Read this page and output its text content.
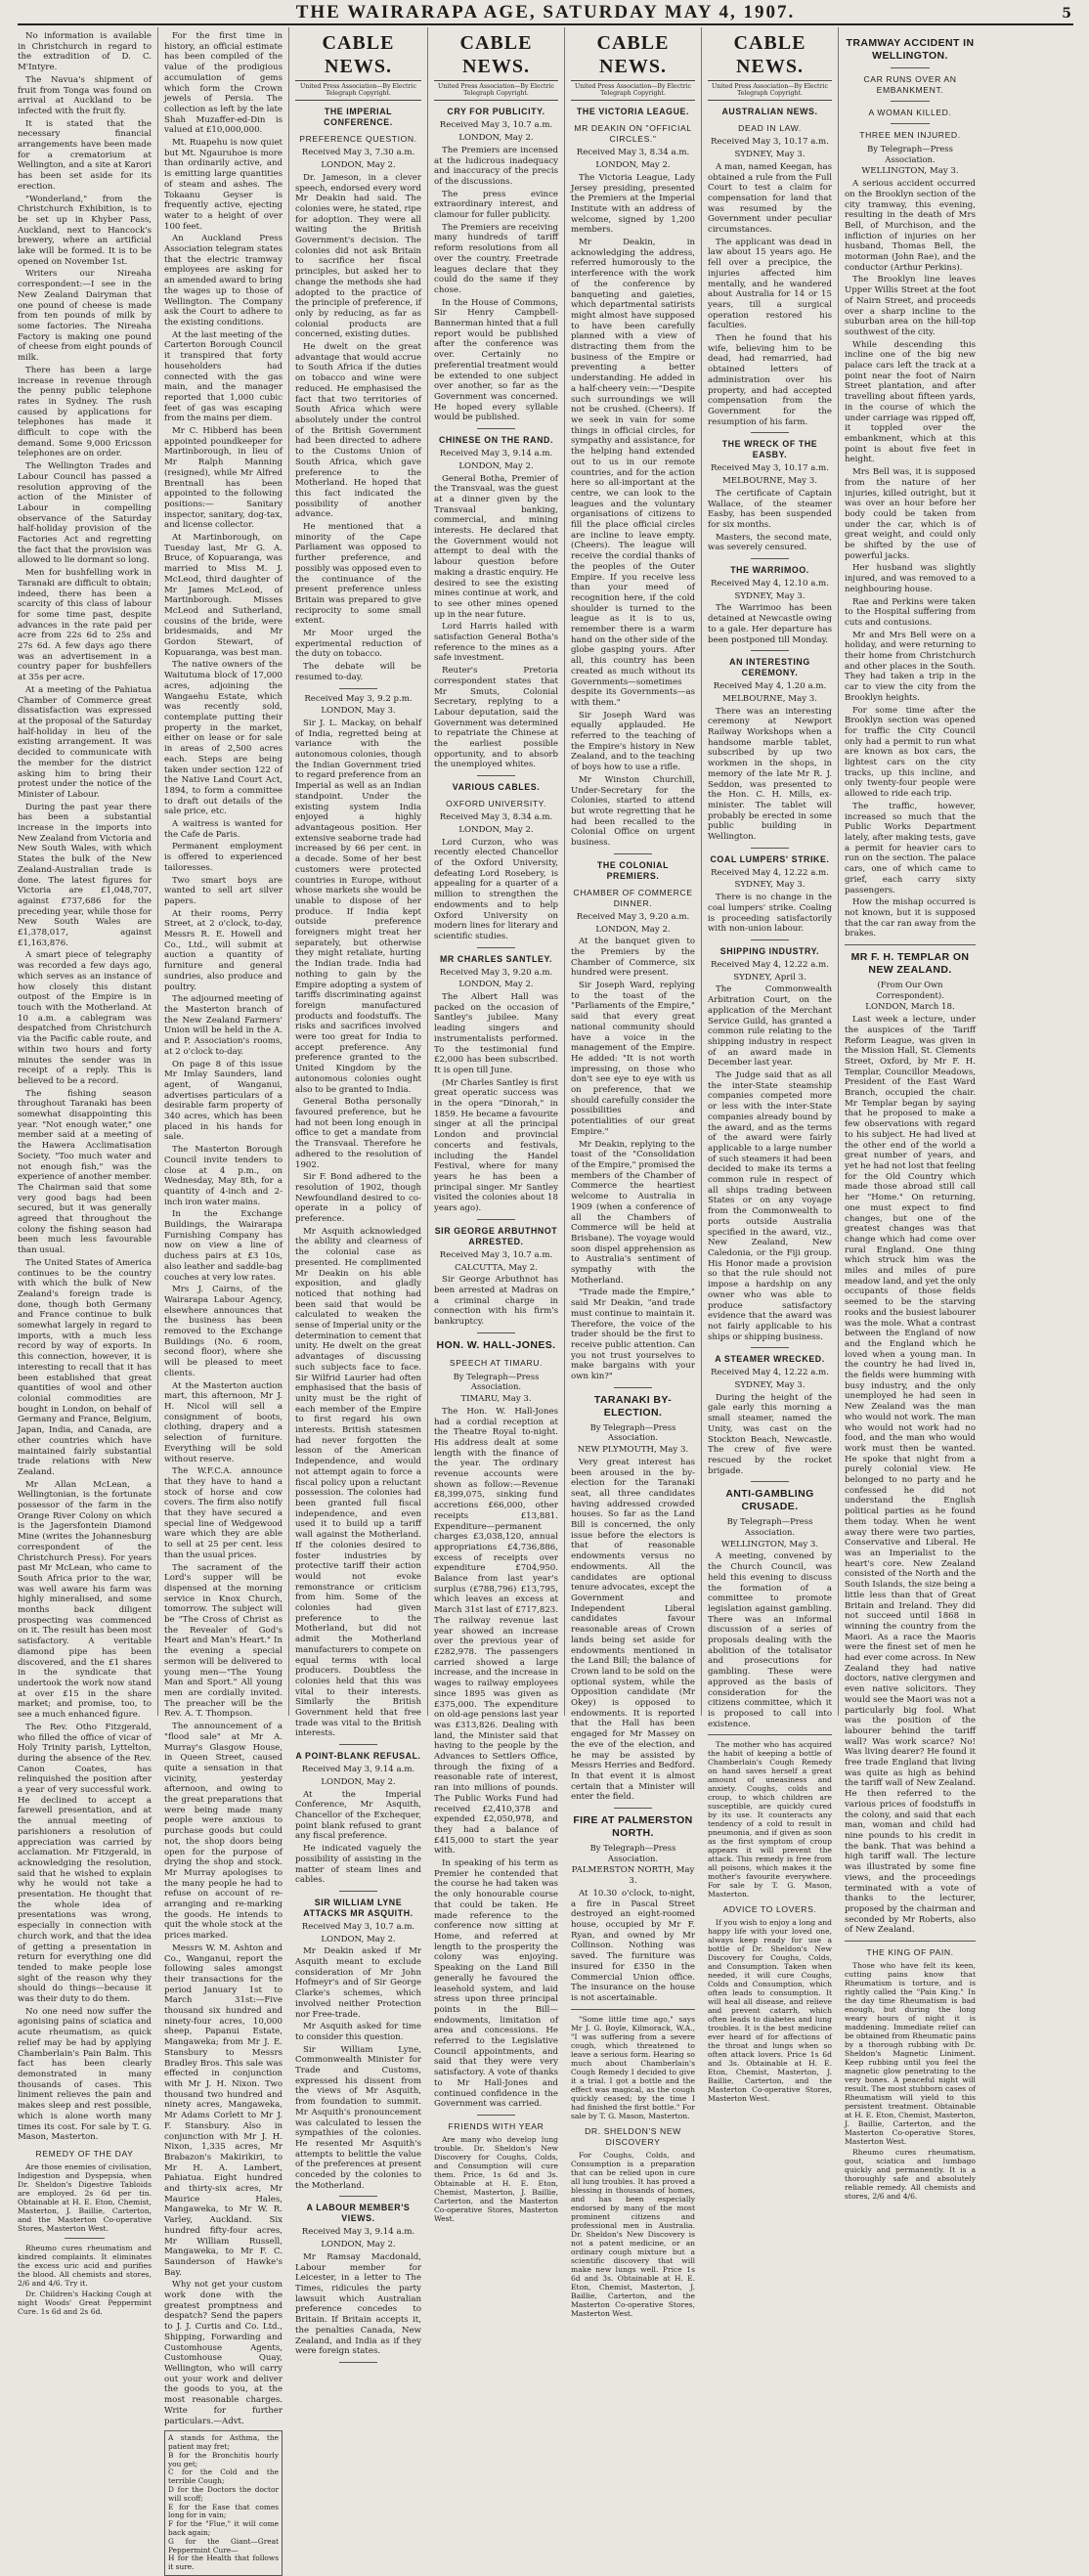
THE WAIRARAPA AGE, SATURDAY MAY 4, 1907.	5

No information is available in Christchurch in regard to the extradition of D. C. M'Intyre.

The Navua's shipment of fruit from Tonga was found on arrival at Auckland to be infected with the fruit fly.

It is stated that the necessary financial arrangements have been made for a crematorium at Wellington, and a site at Karori has been set aside for its erection.

"Wonderland," from the Christchurch Exhibition, is to be set up in Khyber Pass, Auckland, next to Hancock's brewery, where an artificial lake will be formed. It is to be opened on November 1st.

Writers our Nireaha correspondent:—I see in the New Zealand Dairyman that one pound of cheese is made from ten pounds of milk by some factories. The Nireaha Factory is making one pound of cheese from eight pounds of milk.

There has been a large increase in revenue through the penny public telephone rates in Sydney. The rush caused by applications for telephones has made it difficult to cope with the demand. Some 9,000 Ericsson telephones are on order.

The Wellington Trades and Labour Council has passed a resolution approving of the action of the Minister of Labour in compelling observance of the Saturday half-holiday provision of the Factories Act and regretting the fact that the provision was allowed to lie dormant so long.

Men for bushfelling work in Taranaki are difficult to obtain; indeed, there has been a scarcity of this class of labour for some time past, despite advances in the rate paid per acre from 22s 6d to 25s and 27s 6d. A few days ago there was an advertisement in a country paper for bushfellers at 35s per acre.

At a meeting of the Pahiatua Chamber of Commerce great dissatisfaction was expressed at the proposal of the Saturday half-holiday in lieu of the existing arrangement. It was decided to communicate with the member for the district asking him to bring their protest under the notice of the Minister of Labour.

During the past year there has been a substantial increase in the imports into New Zealand from Victoria and New South Wales, with which States the bulk of the New Zealand-Australian trade is done. The latest figures for Victoria are £1,048,707, against £737,686 for the preceding year, while those for New South Wales are £1,378,017, against £1,163,876.

A smart piece of telegraphy was recorded a few days ago, which serves as an instance of how closely this distant outpost of the Empire is in touch with the Motherland. At 10 a.m. a cablegram was despatched from Christchurch via the Pacific cable route, and within two hours and forty minutes the sender was in receipt of a reply. This is believed to be a record.

The fishing season throughout Taranaki has been somewhat disappointing this year. "Not enough water," one member said at a meeting of the Hawera Acclimatisation Society. "Too much water and not enough fish," was the experience of another member. The Chairman said that some very good bags had been secured, but it was generally agreed that throughout the colony the fishing season had been much less favourable than usual.

The United States of America continues to be the country with which the bulk of New Zealand's foreign trade is done, though both Germany and France continue to bulk somewhat largely in regard to imports, with a much less record by way of exports. In this connection, however, it is interesting to recall that it has been established that great quantities of wool and other colonial commodities are bought in London, on behalf of Germany and France, Belgium, Japan, India, and Canada, are other countries which have maintained fairly substantial trade relations with New Zealand.

Mr Allan McLean, a Wellingtonian, is the fortunate possessor of the farm in the Orange River Colony on which is the Jagersfontein Diamond Mine (writes the Johannesburg correspondent of the Christchurch Press). For years past Mr McLean, who came to South Africa prior to the war, was well aware his farm was highly mineralised, and some months back diligent prospecting was commenced on it. The result has been most satisfactory. A veritable diamond pipe has been discovered, and the £1 shares in the syndicate that undertook the work now stand at over £15 in the share market; and promise, too, to see a much enhanced figure.

The Rev. Otho Fitzgerald, who filled the office of vicar of Holy Trinity parish, Lyttelton, during the absence of the Rev. Canon Coates, has relinquished the position after a year of very successful work. He declined to accept a farewell presentation, and at the annual meeting of parishioners a resolution of appreciation was carried by acclamation. Mr Fitzgerald, in acknowledging the resolution, said that he wished to explain why he would not take a presentation. He thought that the whole idea of presentations was wrong, especially in connection with church work, and that the idea of getting a presentation in return for everything one did tended to make people lose sight of the reason why they should do things—because it was their duty to do them.

No one need now suffer the agonising pains of sciatica and acute rheumatism, as quick relief may be had by applying Chamberlain's Pain Balm. This fact has been clearly demonstrated in many thousands of cases. This liniment relieves the pain and makes sleep and rest possible, which is alone worth many times its cost. For sale by T. G. Mason, Masterton.

REMEDY OF THE DAY

Are those enemies of civilisation, Indigestion and Dyspepsia, when Dr. Sheldon's Digestive Tabloids are employed. 2s 6d per tin. Obtainable at H. E. Eton, Chemist, Masterton, J. Baillie, Carterton, and the Masterton Co-operative Stores, Masterton West.

Rheumo cures rheumatism and kindred complaints. It eliminates the excess uric acid and purifies the blood. All chemists and stores, 2/6 and 4/6. Try it.

Dr. Children's Hacking Cough at night Woods' Great Peppermint Cure. 1s 6d and 2s 6d.

For the first time in history, an official estimate has been compiled of the value of the prodigious accumulation of gems which form the Crown jewels of Persia. The collection as left by the late Shah Muzaffer-ed-Din is valued at £10,000,000.

Mt. Ruapehu is now quiet but Mt. Ngauruhoe is more than ordinarily active, and is emitting large quantities of steam and ashes. The Tokaanu Geyser is frequently active, ejecting water to a height of over 100 feet.

An Auckland Press Association telegram states that the electric tramway employees are asking for an amended award to bring the wages up to those of Wellington. The Company ask the Court to adhere to the existing conditions.

At the last meeting of the Carterton Borough Council it transpired that forty householders had connected with the gas main, and the manager reported that 1,000 cubic feet of gas was escaping from the mains per diem.

Mr C. Hibberd has been appointed poundkeeper for Martinborough, in lieu of Mr Ralph Manning (resigned), while Mr Alfred Brentnall has been appointed to the following positions:— Sanitary inspector, sanitary, dog-tax, and license collector.

At Martinborough, on Tuesday last, Mr G. A. Bruce, of Kopuaranga, was married to Miss M. J. McLeod, third daughter of Mr James McLeod, of Martinborough. Misses McLeod and Sutherland, cousins of the bride, were bridesmaids, and Mr Gordon Stewart, of Kopuaranga, was best man.

The native owners of the Waitutuma block of 17,000 acres, adjoining the Wangaehu Estate, which was recently sold, contemplate putting their property in the market, either on lease or for sale in areas of 2,500 acres each. Steps are being taken under section 122 of the Native Land Court Act, 1894, to form a committee to draft out details of the sale price, etc.

A waitress is wanted for the Cafe de Paris.

Permanent employment is offered to experienced tailoresses.

Two smart boys are wanted to sell art silver papers.

At their rooms, Perry Street, at 2 o'clock, to-day, Messrs R. E. Howell and Co., Ltd., will submit at auction a quantity of furniture and general sundries, also produce and poultry.

The adjourned meeting of the Masterton branch of the New Zealand Farmers' Union will be held in the A. and P. Association's rooms, at 2 o'clock to-day.

On page 8 of this issue Mr Imlay Saunders, land agent, of Wanganui, advertises particulars of a desirable farm property of 340 acres, which has been placed in his hands for sale.

The Masterton Borough Council invite tenders to close at 4 p.m., on Wednesday, May 8th, for a quantity of 4-inch and 2-inch iron water mains.

In the Exchange Buildings, the Wairarapa Furnishing Company has now on view a line of duchess pairs at £3 10s, also leather and saddle-bag couches at very low rates.

Mrs J. Cairns, of the Wairarapa Labour Agency, elsewhere announces that the business has been removed to the Exchange Buildings (No. 6 room, second floor), where she will be pleased to meet clients.

At the Masterton auction mart, this afternoon, Mr J. H. Nicol will sell a consignment of boots, clothing, drapery and a selection of furniture. Everything will be sold without reserve.

The W.F.C.A. announce that they have to hand a stock of horse and cow covers. The firm also notify that they have secured a special line of Wedgewood ware which they are able to sell at 25 per cent. less than the usual prices.

The sacrament of the Lord's supper will be dispensed at the morning service in Knox Church, tomorrow. The subject will be "The Cross of Christ as the Revealer of God's Heart and Man's Heart." In the evening a special sermon will be delivered to young men—"The Young Man and Sport." All young men are cordially invited. The preacher will be the Rev. A. T. Thompson.

The announcement of a "flood sale" at Mr A. Murray's Glasgow House, in Queen Street, caused quite a sensation in that vicinity, yesterday afternoon, and owing to the great preparations that were being made many people were anxious to purchase goods but could not, the shop doors being open for the purpose of drying the shop and stock. Mr Murray apologises to the many people he had to refuse on account of re-arranging and re-marking the goods. He intends to quit the whole stock at the prices marked.

Messrs W. M. Ashton and Co., Wanganui, report the following sales amongst their transactions for the period January 1st to March 31st:—Five thousand six hundred and ninety-four acres, 10,000 sheep, Papanui Estate, Mangaweka; from Mr J. E. Stansbury to Messrs Bradley Bros. This sale was effected in conjunction with Mr J. H. Nixon. Two thousand two hundred and ninety acres, Mangaweka, Mr Adams Corlett to Mr J. F. Stansbury. Also in conjunction with Mr J. H. Nixon, 1,335 acres, Mr Brabazon's Makirikiri, to Mr H. A. Lambert, Pahiatua. Eight hundred and thirty-six acres, Mr Maurice Hales, Mangaweka, to Mr W. R. Varley, Auckland. Six hundred fifty-four acres, Mr William Russell, Mangaweka, to Mr F. C. Saunderson of Hawke's Bay.

Why not get your custom work done with the greatest promptness and despatch? Send the papers to J. J. Curtis and Co. Ltd., Shipping, Forwarding and Customhouse Agents, Customhouse Quay, Wellington, who will carry out your work and deliver the goods to you, at the most reasonable charges. Write for further particulars.—Advt.

A stands for Asthma, the patient may fret;
B for the Bronchitis hourly you get;
C for the Cold and the terrible Cough;
D for the Doctors the doctor will scoff;
E for the Ease that comes long for in vain;
F for the "Flue," it will come back again;
G for the Giant—Great Peppermint Cure—
H for the Health that follows it sure.
CABLE NEWS.
United Press Association—By Electric Telegraph Copyright.
THE IMPERIAL CONFERENCE.
PREFERENCE QUESTION.

Received May 3, 7.30 a.m.

LONDON, May 2.

Dr. Jameson, in a clever speech, endorsed every word Mr Deakin had said. The colonies were, he stated, ripe for adoption. They were all waiting the British Government's decision. The colonies did not ask Britain to sacrifice her fiscal principles, but asked her to change the methods she had adopted to the practice of the principle of preference, if only by reducing, as far as colonial products are concerned, existing duties.

He dwelt on the great advantage that would accrue to South Africa if the duties on tobacco and wine were reduced. He emphasised the fact that two territories of South Africa which were absolutely under the control of the British Government had been directed to adhere to the Customs Union of South Africa, which gave preference to the Motherland. He hoped that this fact indicated the possibility of another advance.

He mentioned that a minority of the Cape Parliament was opposed to further preference, and possibly was opposed even to the continuance of the present preference unless Britain was prepared to give reciprocity to some small extent.

Mr Moor urged the experimental reduction of the duty on tobacco.

The debate will be resumed to-day.

Received May 3, 9.2 p.m.

LONDON, May 3.

Sir J. L. Mackay, on behalf of India, regretted being at variance with the autonomous colonies, though the Indian Government tried to regard preference from an Imperial as well as an Indian standpoint. Under the existing system India enjoyed a highly advantageous position. Her extensive seaborne trade had increased by 66 per cent. in a decade. Some of her best customers were protected countries in Europe, without whose markets she would be unable to dispose of her produce. If India kept outside preference foreigners might treat her separately, but otherwise they might retaliate, hurting the Indian trade. India had nothing to gain by the Empire adopting a system of tariffs discriminating against foreign manufactured products and foodstuffs. The risks and sacrifices involved were too great for India to accept preference. Any preference granted to the United Kingdom by the autonomous colonies ought also to be granted to India.

General Botha personally favoured preference, but he had not been long enough in office to get a mandate from the Transvaal. Therefore he adhered to the resolution of 1902.

Sir F. Bond adhered to the resolution of 1902, though Newfoundland desired to co-operate in a policy of preference.

Mr Asquith acknowledged the ability and clearness of the colonial case as presented. He complimented Mr Deakin on his able exposition, and gladly noticed that nothing had been said that would be calculated to weaken the sense of Imperial unity or the determination to cement that unity. He dwelt on the great advantages of discussing such subjects face to face. Sir Wilfrid Laurier had often emphasised that the basis of unity must be the right of each member of the Empire to first regard his own interests. British statesmen had never forgotten the lesson of the American Independence, and would not attempt again to force a fiscal policy upon a reluctant possession. The colonies had been granted full fiscal independence, and even used it to build up a tariff wall against the Motherland. If the colonies desired to foster industries by protective tariff their action would not evoke remonstrance or criticism from him. Some of the colonies had given preference to the Motherland, but did not admit the Motherland manufacturers to compete on equal terms with local producers. Doubtless the colonies held that this was vital to their interests. Similarly the British Government held that free trade was vital to the British interests.

A POINT-BLANK REFUSAL.

Received May 3, 9.14 a.m.

LONDON, May 2.

At the Imperial Conference, Mr Asquith, Chancellor of the Exchequer, point blank refused to grant any fiscal preference.

He indicated vaguely the possibility of assisting in the matter of steam lines and cables.

SIR WILLIAM LYNE ATTACKS MR ASQUITH.

Received May 3, 10.7 a.m.

LONDON, May 2.

Mr Deakin asked if Mr Asquith meant to exclude consideration of Mr John Hofmeyr's and of Sir George Clarke's schemes, which involved neither Protection nor Free-trade.

Mr Asquith asked for time to consider this question.

Sir William Lyne, Commonwealth Minister for Trade and Customs, expressed his dissent from the views of Mr Asquith, from foundation to summit. Mr Asquith's pronouncement was calculated to lessen the sympathies of the colonies. He resented Mr Asquith's attempts to belittle the value of the preferences at present conceded by the colonies to the Motherland.

A LABOUR MEMBER'S VIEWS.

Received May 3, 9.14 a.m.

LONDON, May 2.

Mr Ramsay Macdonald, Labour member for Leicester, in a letter to The Times, ridicules the party lawsuit which Australian preference concedes to Britain. If Britain accepts it, the penalties Canada, New Zealand, and India as if they were foreign states.

CABLE NEWS.
United Press Association—By Electric Telegraph Copyright.
CRY FOR PUBLICITY.

Received May 3, 10.7 a.m.

LONDON, May 2.

The Premiers are incensed at the ludicrous inadequacy and inaccuracy of the precis of the discussions.

The press evince extraordinary interest, and clamour for fuller publicity.

The Premiers are receiving many hundreds of tariff reform resolutions from all over the country. Freetrade leagues declare that they could do the same if they chose.

In the House of Commons, Sir Henry Campbell-Bannerman hinted that a full report would be published after the conference was over. Certainly no preferential treatment would be extended to one subject over another, so far as the Government was concerned. He hoped every syllable would be published.

CHINESE ON THE RAND.

Received May 3, 9.14 a.m.

LONDON, May 2.

General Botha, Premier of the Transvaal, was the guest at a dinner given by the Transvaal banking, commercial, and mining interests. He declared that the Government would not attempt to deal with the labour question before making a drastic enquiry. He desired to see the existing mines continue at work, and to see other mines opened up in the near future.

Lord Harris hailed with satisfaction General Botha's reference to the mines as a safe investment.

Reuter's Pretoria correspondent states that Mr Smuts, Colonial Secretary, replying to a Labour deputation, said the Government was determined to repatriate the Chinese at the earliest possible opportunity, and to absorb the unemployed whites.

VARIOUS CABLES.
OXFORD UNIVERSITY.

Received May 3, 8.34 a.m.

LONDON, May 2.

Lord Curzon, who was recently elected Chancellor of the Oxford University, defeating Lord Rosebery, is appealing for a quarter of a million to strengthen the endowments and to help Oxford University on modern lines for literary and scientific studies.

MR CHARLES SANTLEY.

Received May 3, 9.20 a.m.

LONDON, May 2.

The Albert Hall was packed on the occasion of Santley's jubilee. Many leading singers and instrumentalists performed. To the testimonial fund £2,000 has been subscribed. It is open till June.

(Mr Charles Santley is first great operatic success was in the opera "Dinorah," in 1859. He became a favourite singer at all the principal London and provincial concerts and festivals, including the Handel Festival, where for many years he has been a principal singer. Mr Santley visited the colonies about 18 years ago).

SIR GEORGE ARBUTHNOT ARRESTED.

Received May 3, 10.7 a.m.

CALCUTTA, May 2.

Sir George Arbuthnot has been arrested at Madras on a criminal charge in connection with his firm's bankruptcy.

HON. W. HALL-JONES.
SPEECH AT TIMARU.

By Telegraph—Press Association.

TIMARU, May 3.

The Hon. W. Hall-Jones had a cordial reception at the Theatre Royal to-night. His address dealt at some length with the finance of the year. The ordinary revenue accounts were shown as follow:—Revenue £8,399,075, sinking fund accretions £66,000, other receipts £13,881. Expenditure—permanent charges £3,038,120, annual appropriations £4,736,886, excess of receipts over expenditure £704,950. Balance from last year's surplus (£788,796) £13,795, which leaves an excess at March 31st last of £717,823. The railway revenue last year showed an increase over the previous year of £282,978. The passengers carried showed a large increase, and the increase in wages to railway employees since 1895 was given as £375,000. The expenditure on old-age pensions last year was £313,826. Dealing with land, the Minister said that having to the people by the Advances to Settlers Office, through the fixing of a reasonable rate of interest, ran into millions of pounds. The Public Works Fund had received £2,410,378 and expended £2,050,978, and they had a balance of £415,000 to start the year with.

In speaking of his term as Premier he contended that the course he had taken was the only honourable course that could be taken. He made reference to the conference now sitting at Home, and referred at length to the prosperity the colony was enjoying. Speaking on the Land Bill generally he favoured the leasehold system, and laid stress upon three principal points in the Bill—endowments, limitation of area and concessions. He referred to the Legislative Council appointments, and said that they were very satisfactory. A vote of thanks to Mr Hall-Jones and continued confidence in the Government was carried.

FRIENDS WITH YEAR

Are many who develop lung trouble. Dr. Sheldon's New Discovery for Coughs, Colds, and Consumption will cure them. Price, 1s 6d and 3s. Obtainable at H. E. Eton, Chemist, Masterton, J. Baillie, Carterton, and the Masterton Co-operative Stores, Masterton West.

CABLE NEWS.
United Press Association—By Electric Telegraph Copyright.
THE VICTORIA LEAGUE.
MR DEAKIN ON "OFFICIAL CIRCLES."

Received May 3, 8.34 a.m.

LONDON, May 2.

The Victoria League, Lady Jersey presiding, presented the Premiers at the Imperial Institute with an address of welcome, signed by 1,200 members.

Mr Deakin, in acknowledging the address, referred humorously to the interference with the work of the conference by banqueting and gaieties, which departmental satirists might almost have supposed to have been carefully planned with a view of distracting them from the business of the Empire or preventing a better understanding. He added in a half-cheery vein:—"Despite such surroundings we will not be crushed. (Cheers). If we seek in vain for some things in official circles, for sympathy and assistance, for the helping hand extended out to us in our remote countries, and for the action here so all-important at the centre, we can look to the leagues and the voluntary organisations of citizens to fill the place official circles are incline to leave empty. (Cheers). The league will receive the cordial thanks of the peoples of the Outer Empire. If you receive less than your meed of recognition here, if the cold shoulder is turned to the league as it is to us, remember there is a warm hand on the other side of the globe gasping yours. After all, this country has been created as much without its Governments—sometimes despite its Governments—as with them."

Sir Joseph Ward was equally applauded. He referred to the teaching of the Empire's history in New Zealand, and to the teaching of boys how to use a rifle.

Mr Winston Churchill, Under-Secretary for the Colonies, started to attend but wrote regretting that he had been recalled to the Colonial Office on urgent business.

THE COLONIAL PREMIERS.
CHAMBER OF COMMERCE DINNER.

Received May 3, 9.20 a.m.

LONDON, May 2.

At the banquet given to the Premiers by the Chamber of Commerce, six hundred were present.

Sir Joseph Ward, replying to the toast of the "Parliaments of the Empire," said that every great national community should have a voice in the management of the Empire. He added: "It is not worth impressing, on those who don't see eye to eye with us on preference, that we should carefully consider the possibilities and potentialities of our great Empire."

Mr Deakin, replying to the toast of the "Consolidation of the Empire," promised the members of the Chamber of Commerce the heartiest welcome to Australia in 1909 (when a conference of all the Chambers of Commerce will be held at Brisbane). The voyage would soon dispel apprehension as to Australia's sentiment of sympathy with the Motherland.

"Trade made the Empire," said Mr Deakin, "and trade must continue to maintain it. Therefore, the voice of the trader should be the first to receive public attention. Can you not trust yourselves to make bargains with your own kin?"

TARANAKI BY-ELECTION.

By Telegraph—Press Association.

NEW PLYMOUTH, May 3.

Very great interest has been aroused in the by-election for the Taranaki seat, all three candidates having addressed crowded houses. So far as the Land Bill is concerned, the only issue before the electors is that of reasonable endowments versus no endowments. All the candidates are optional tenure advocates, except the Government and Independent Liberal candidates favour reasonable areas of Crown lands being set aside for endowments mentioned in the Land Bill; the balance of Crown land to be sold on the optional system, while the Opposition candidate (Mr Okey) is opposed to endowments. It is reported that the Hall has been engaged for Mr Massey on the eve of the election, and he may be assisted by Messrs Herries and Bedford. In that event it is almost certain that a Minister will enter the field.

FIRE AT PALMERSTON NORTH.

By Telegraph—Press Association.

PALMERSTON NORTH, May 3.

At 10.30 o'clock, to-night, a fire in Pascal Street destroyed an eight-roomed house, occupied by Mr F. Ryan, and owned by Mr Collinson. Nothing was saved. The furniture was insured for £350 in the Commercial Union office. The insurance on the house is not ascertainable.

"Some little time ago," says Mr J. G. Boyle, Kilmorack, W.A., "I was suffering from a severe cough, which threatened to leave a serious form. Hearing so much about Chamberlain's Cough Remedy I decided to give it a trial. I got a bottle and the effect was magical, as the cough quickly ceased; by the time I had finished the first bottle." For sale by T. G. Mason, Masterton.

DR. SHELDON'S NEW DISCOVERY

For Coughs, Colds, and Consumption is a preparation that can be relied upon in cure all lung troubles. It has proved a blessing in thousands of homes, and has been especially endorsed by many of the most prominent citizens and professional men in Australia. Dr. Sheldon's New Discovery is not a patent medicine, or an ordinary cough mixture but a scientific discovery that will make new lungs well. Price 1s 6d and 3s. Obtainable at H. E. Eton, Chemist, Masterton, J. Baillie, Carterton, and the Masterton Co-operative Stores, Masterton West.

CABLE NEWS.
United Press Association—By Electric Telegraph Copyright.
AUSTRALIAN NEWS.
DEAD IN LAW.

Received May 3, 10.17 a.m.

SYDNEY, May 3.

A man, named Keegan, has obtained a rule from the Full Court to test a claim for compensation for land that was resumed by the Government under peculiar circumstances.

The applicant was dead in law about 15 years ago. He fell over a precipice, the injuries affected him mentally, and he wandered about Australia for 14 or 15 years, till a surgical operation restored his faculties.

Then he found that his wife, believing him to be dead, had remarried, had obtained letters of administration over his property, and had accepted compensation from the Government for the resumption of his farm.

THE WRECK OF THE EASBY.

Received May 3, 10.17 a.m.

MELBOURNE, May 3.

The certificate of Captain Wallace, of the steamer Easby, has been suspended for six months.

Masters, the second mate, was severely censured.

THE WARRIMOO.

Received May 4, 12.10 a.m.

SYDNEY, May 3.

The Warrimoo has been detained at Newcastle owing to a gale. Her departure has been postponed till Monday.

AN INTERESTING CEREMONY.

Received May 4, 1.20 a.m.

MELBOURNE, May 3.

There was an interesting ceremony at Newport Railway Workshops when a handsome marble tablet, subscribed by up two workmen in the shops, in memory of the late Mr R. J. Seddon, was presented to the Hon. C. H. Mills, ex-minister. The tablet will probably be erected in some public building in Wellington.

COAL LUMPERS' STRIKE.

Received May 4, 12.22 a.m.

SYDNEY, May 3.

There is no change in the coal lumpers' strike. Coaling is proceeding satisfactorily with non-union labour.

SHIPPING INDUSTRY.

Received May 4, 12.22 a.m.

SYDNEY, April 3.

The Commonwealth Arbitration Court, on the application of the Merchant Service Guild, has granted a common rule relating to the shipping industry in respect of an award made in December last year.

The Judge said that as all the inter-State steamship companies competed more or less with the inter-State companies already bound by the award, and as the terms of the award were fairly applicable to a large number of such steamers it had been decided to make its terms a common rule in respect of all ships trading between States or on any voyage from the Commonwealth to ports outside Australia specified in the award, viz., New Zealand, New Caledonia, or the Fiji group. His Honor made a provision so that the rule should not impose a hardship on any owner who was able to produce satisfactory evidence that the award was not fairly applicable to his ships or shipping business.

A STEAMER WRECKED.

Received May 4, 12.22 a.m.

SYDNEY, May 3.

During the height of the gale early this morning a small steamer, named the Unity, was cast on the Stockton Beach, Newcastle. The crew of five were rescued by the rocket brigade.

ANTI-GAMBLING CRUSADE.

By Telegraph—Press Association.

WELLINGTON, May 3.

A meeting, convened by the Church Council, was held this evening to discuss the formation of a committee to promote legislation against gambling. There was an informal discussion of a series of proposals dealing with the abolition of the totalisator and prosecutions for gambling. These were approved as the basis of consideration for the citizens committee, which it is proposed to call into existence.

The mother who has acquired the habit of keeping a bottle of Chamberlain's Cough Remedy on hand saves herself a great amount of uneasiness and anxiety. Coughs, colds and croup, to which children are susceptible, are quickly cured by its use. It counteracts any tendency of a cold to result in pneumonia, and if given as soon as the first symptom of croup appears it will prevent the attack. This remedy is free from all poisons, which makes it the mother's favourite everywhere. For sale by T. G. Mason, Masterton.

ADVICE TO LOVERS.

If you wish to enjoy a long and happy life with your loved one, always keep ready for use a bottle of Dr. Sheldon's New Discovery for Coughs, Colds, and Consumption. Taken when needed, it will cure Coughs, Colds and Consumption, which often leads to consumption. It will heal all disease, and relieve and prevent catarrh, which often leads to diabetes and lung troubles. It is the best medicine ever heard of for affections of the throat and lungs when so often attack lovers. Price 1s 6d and 3s. Obtainable at H. E. Eton, Chemist, Masterton, J. Baillie, Carterton, and the Masterton Co-operative Stores, Masterton West.

TRAMWAY ACCIDENT IN WELLINGTON.
CAR RUNS OVER AN EMBANKMENT.
A WOMAN KILLED.
THREE MEN INJURED.

By Telegraph—Press Association.

WELLINGTON, May 3.

A serious accident occurred on the Brooklyn section of the city tramway, this evening, resulting in the death of Mrs Bell, of Murchison, and the infliction of injuries on her husband, Thomas Bell, the motorman (John Rae), and the conductor (Arthur Perkins).

The Brooklyn line leaves Upper Willis Street at the foot of Nairn Street, and proceeds over a sharp incline to the suburban area on the hill-top southwest of the city.

While descending this incline one of the big new palace cars left the track at a point near the foot of Nairn Street plantation, and after travelling about fifteen yards, in the course of which the under carriage was ripped off, it toppled over the embankment, which at this point is about five feet in height.

Mrs Bell was, it is supposed from the nature of her injuries, killed outright, but it was over an hour before her body could be taken from under the car, which is of great weight, and could only be shifted by the use of powerful jacks.

Her husband was slightly injured, and was removed to a neighbouring house.

Rae and Perkins were taken to the Hospital suffering from cuts and contusions.

Mr and Mrs Bell were on a holiday, and were returning to their home from Christchurch and other places in the South. They had taken a trip in the car to view the city from the Brooklyn heights.

For some time after the Brooklyn section was opened for traffic the City Council only had a permit to run what are known as box cars, the lightest cars on the city tracks, up this incline, and only twenty-four people were allowed to ride each trip.

The traffic, however, increased so much that the Public Works Department lately, after making tests, gave a permit for heavier cars to run on the section. The palace cars, one of which came to grief, each carry sixty passengers.

How the mishap occurred is not known, but it is supposed that the car ran away from the brakes.

MR F. H. TEMPLAR ON NEW ZEALAND.

(From Our Own Correspondent).

LONDON, March 18.

Last week a lecture, under the auspices of the Tariff Reform League, was given in the Mission Hall, St. Clements Street, Oxford, by Mr F. H. Templar, Councillor Meadows, President of the East Ward Branch, occupied the chair. Mr Templar began by saying that he proposed to make a few observations with regard to his subject. He had lived at the other end of the world a great number of years, and yet he had not lost that feeling for the Old Country which made those abroad still call her "Home." On returning, one must expect to find changes, but one of the greatest changes was that change which had come over rural England. One thing which struck him was the miles and miles of pure meadow land, and yet the only occupants of those fields seemed to be the starving rooks and the busiest labourer was the mole. What a contrast between the England of now and the England which he loved when a young man. In the country he had lived in, the fields were humming with busy industry, and the only unemployed he had seen in New Zealand was the man who would not work. The man who would not work had no food, and the man who would work must then be wanted. He spoke that night from a purely colonial view. He belonged to no party and he confessed he did not understand the English political parties as he found them today. When he went away there were two parties, Conservative and Liberal. He was an Imperialist to the heart's core. New Zealand consisted of the North and the South Islands, the size being a little less than that of Great Britain and Ireland. They did not succeed until 1868 in winning the country from the Maori. As a race the Maoris were the finest set of men he had ever come across. In New Zealand they had native doctors, native clergymen and even native solicitors. They would see the Maori was not a particularly big fool. What was the position of the labourer behind the tariff wall? Was work scarce? No! Was living dearer? He found it free trade England that living was quite as high as behind the tariff wall of New Zealand. He then referred to the various prices of foodstuffs in the colony, and said that each man, woman and child had nine pounds to his credit in the bank. That was behind a high tariff wall. The lecture was illustrated by some fine views, and the proceedings terminated with a vote of thanks to the lecturer, proposed by the chairman and seconded by Mr Roberts, also of New Zealand.

THE KING OF PAIN.

Those who have felt its keen, cutting pains know that Rheumatism is torture, and is rightly called the "Pain King." In the day time Rheumatism is bad enough, but during the long weary hours of night it is maddening. Immediate relief can be obtained from Rheumatic pains by a thorough rubbing with Dr. Sheldon's Magnetic Liniment. Keep rubbing until you feel the magnetic glow penetrating to the very bones. A peaceful night will result. The most stubborn cases of Rheumatism will yield to this persistent treatment. Obtainable at H. E. Eton, Chemist, Masterton, J. Baillie, Carterton, and the Masterton Co-operative Stores, Masterton West.

Rheumo cures rheumatism, gout, sciatica and lumbago quickly and permanently. It is a thoroughly safe and absolutely reliable remedy. All chemists and stores, 2/6 and 4/6.
